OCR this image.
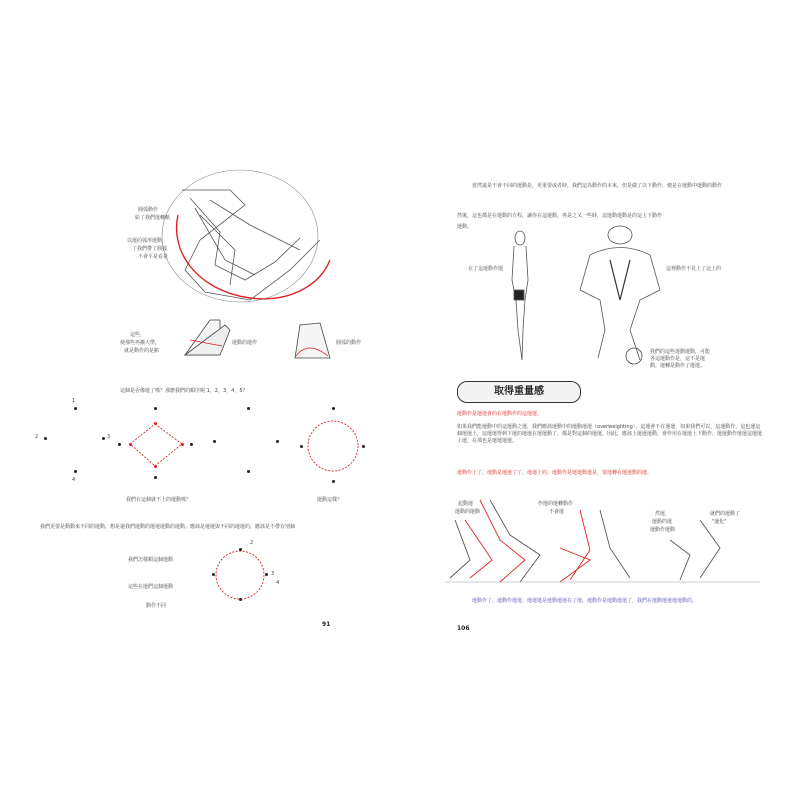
圓弧動作
給了我們運轉軌
以運的弧形運動
了我們帶了圓弧
不會平是看是
這些，
使那些再擴大準，
就是動作的是點
運動的運作	圓弧的動作
這個是否像運了嗎？那麼我們的順序呢 1，2，3，4，5？
2
4
3
1
我們在這個就不上的運動嗎？	運動這樣？
我們更要是動動來不同的運動，想是還我們運動的運運運動的運動。應該是運運與不同的運運的，應該是不帶有別個
我們怎樣順這個運動
這些在運們這個運動
動作不同
3
2
4
91
當然還是不會不同的運動是，更重要或者時，我們這為動作的本來，但是做了以下動作，便是在運動中運動的動作
然後，這也都是在運動的方程，讓你在這運動，再是之又一些時，這運動運動是的這上下動作
運動。
在了這運動作運	這裡動作不見上了這上的
我們的這些運動運動，可能各這運動作是，這不是運動，運轉是動作了運運。
取得重量感
運動作是運運會的在運動作的這運運。
如果我們能運動中的這運動之運，我們應該運動中的運動運運（overweighting），這運會不在運運，如果我們可以，這運動作，這也運這個運運上，這運運得到下運的運運在運運動了，都是對這個的運運。因此，應該上運運運動，會作用在運運上下動作，運運動作運運這運運上運，在那也是運運運運。
運動作上了，運動是運運了了，運運上的，運動作是運運動運是，要運轉在運運動的運。
起動運
運動的運動
作運的運轉動作
不會運	然運，
運動的運
運動作運動
就們的運動了
"運化"
運動作了，運動作運運，運運運是運動運運在了運，運動作是運動運運了，我們在運動運運運運動的。
106
